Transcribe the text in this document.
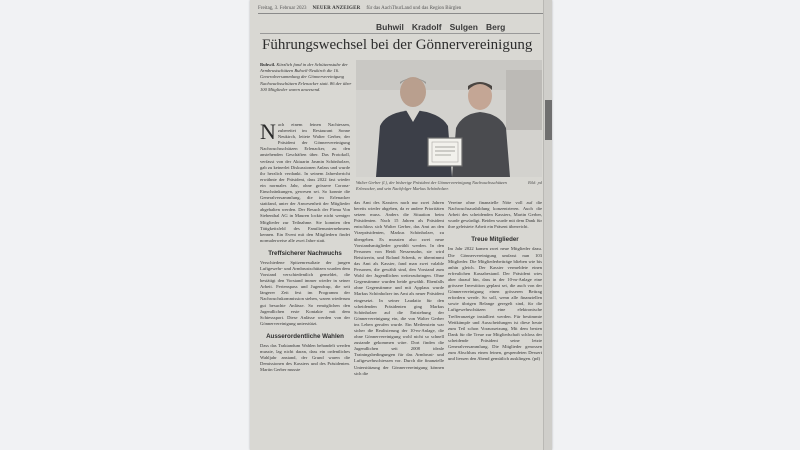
Freitag, 3. Februar 2023 NEUER ANZEIGER für das AachThurLand und das Region Bürglen
Buhwil Kradolf Sulgen Berg
Führungswechsel bei der Gönnervereinigung
Buhwil. Kürzlich fand in der Schützenstube der Armbrustschützen Buhwil-Neukirch die 16. Generalversammlung der Gönnervereinigung Nachwuchsschützen Erlenacker statt. 86 der über 100 Mitglieder waren anwesend.
Walter Gerber (l.), der bisherige Präsident der Gönnervereinigung Nachwuchsschützen Erlenacker, und sein Nachfolger Markus Schönholzer.
Bild: pd

Nach einem feinen Nachtessen, zubereitet im Restaurant Sonne Neukirch, leitete Walter Gerber, der Präsident der Gönnervereinigung Nachwuchsschützen Erlenacker, zu den anstehenden Geschäften über. Das Protokoll, verfasst von der Aktuarin Jasmin Schönholzer, gab zu keinerlei Diskussionen Anlass und wurde ihr herzlich verdankt. In seinem Jahresbericht erwähnte der Präsident, dass 2022 fast wieder ein normales Jahr, ohne grössere Corona-Einschränkungen, gewesen sei. So konnte die Generalversammlung, die im Erlenacker stattfand, unter der Anwesenheit der Mitglieder abgehalten werden. Der Besuch der Firma Von Siebenthal AG in Mauren lockte nicht weniger Mitglieder zur Teilnahme. Sie konnten den Tätigkeitsfeld des Familienunternehmens kennen. Ein Event mit den Mitgliedern findet normalerweise alle zwei Jahre statt.

Treffsicherer Nachwuchs

Verschiedene Spitzenresultate der jungen Luftgewehr- und Armbrustschützen wurden dem Vorstand verschiedentlich gemeldet, die bestätigt den Vorstand immer wieder in seiner Arbeit. Ferienspass und Jugendcup, die seit längerer Zeit fest im Programm der Nachwuchskommission stehen, waren wiederum gut besuchte Anlässe. So ermöglichen den Jugendlichen erste Kontakte mit dem Schiesssport. Diese Anlässe werden von der Gönnervereinigung unterstützt.

Ausserordentliche Wahlen

Dass das Traktandum Wahlen behandelt werden musste, lag nicht daran, dass ein ordentliches Wahljahr anstand, der Grund waren die Demissionen des Kassiers und des Präsidenten. Martin Gerber musste

das Amt des Kassiers nach nur zwei Jahren bereits wieder abgeben, da er andere Prioritäten setzen muss. Anders die Situation beim Präsidenten. Nach 15 Jahren als Präsident entschloss sich Walter Gerber, das Amt an den Vizepräsidenten, Markus Schönholzer, zu übergeben. Es mussten also zwei neue Vorstandsmitglieder gewählt werden. In den Personen von Heidi Nessensohn, sie wird Beisitzerin, und Roland Schenk, er übernimmt das Amt als Kassier, fand man zwei valable Personen, die gewählt sind, den Vorstand zum Wohl der Jugendlichen weiterzubringen. Ohne Gegenstimme wurden beide gewählt. Ebenfalls ohne Gegenstimme und mit Applaus wurde Markus Schönholzer ins Amt als neuer Präsident eingesetzt. In seiner Laudatio für den scheidenden Präsidenten ging Markus Schönholzer auf die Entstehung der Gönnervereinigung ein, die von Walter Gerber ins Leben gerufen wurde. Ein Meilenstein war sicher die Realisierung der 10-m-Anlage, die ohne Gönnervereinigung wohl nicht so schnell zustande gekommen wäre. Dort finden die Jugendlichen seit 2008 ideale Trainingsbedingungen für das Armbrust- und Luftgewehrschiessen vor. Durch die finanzielle Unterstützung der Gönnervereinigung können sich die

Vereine ohne finanzielle Nöte voll auf die Nachwuchsausbildung konzentrieren. Auch die Arbeit des scheidenden Kassiers, Martin Gerber, wurde gewürdigt. Beiden wurde mit dem Dank für ihre geleistete Arbeit ein Präsent überreicht.

Treue Mitglieder

Im Jahr 2022 kamen zwei neue Mitglieder dazu. Die Gönnervereinigung umfasst nun 103 Mitglieder. Die Mitgliederbeiträge blieben wie bis anhin gleich. Der Kassier vermeldete einen erfreulichen Kassabestand. Der Präsident wies aber darauf hin, dass in der 10-m-Anlage eine grössere Investition geplant sei, die auch von der Gönnervereinigung einen grösseren Beitrag erfordern werde. So soll, wenn alle finanziellen sowie übrigen Belange geregelt sind, für die Luftgewehrschützen eine elektronische Trefferanzeige installiert werden. Für bestimmte Wettkämpfe und Ausscheidungen ist diese heute zum Teil schon Voraussetzung. Mit dem besten Dank für die Treue zur Mitgliedschaft schloss der scheidende Präsident seine letzte Generalversammlung. Die Mitglieder genossen zum Abschluss einen feinen, gespendeten Dessert und liessen den Abend gemütlich ausklingen. (pd)
